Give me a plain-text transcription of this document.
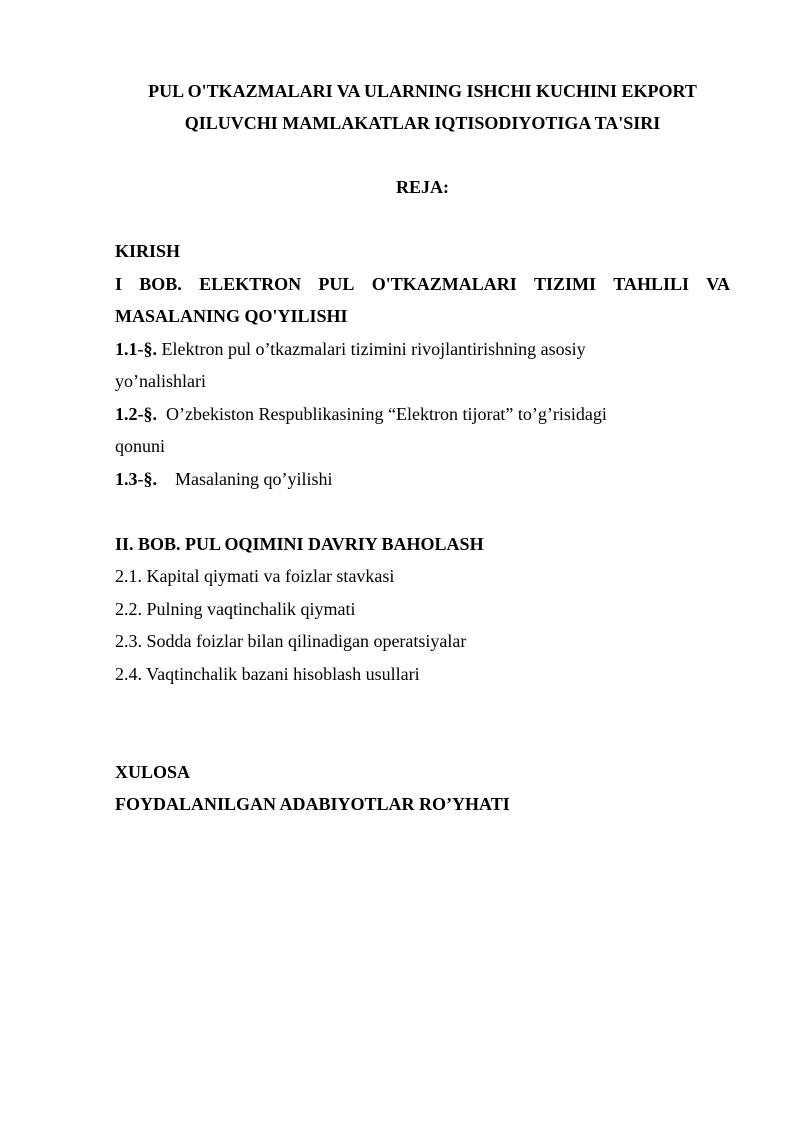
PUL O'TKAZMALARI VA ULARNING ISHCHI KUCHINI EKPORT
QILUVCHI MAMLAKATLAR IQTISODIYOTIGA TA'SIRI
REJA:
KIRISH
I BOB. ELEKTRON PUL O'TKAZMALARI TIZIMI TAHLILI VA
MASALANING QO'YILISHI
1.1-§. Elektron pul o’tkazmalari tizimini rivojlantirishning asosiy
yo’nalishlari
1.2-§. O’zbekiston Respublikasining “Elektron tijorat” to’g’risidagi
qonuni
1.3-§. Masalaning qo’yilishi
II. BOB. PUL OQIMINI DAVRIY BAHOLASH
2.1. Kapital qiymati va foizlar stavkasi
2.2. Pulning vaqtinchalik qiymati
2.3. Sodda foizlar bilan qilinadigan operatsiyalar
2.4. Vaqtinchalik bazani hisoblash usullari
XULOSA
FOYDALANILGAN ADABIYOTLAR RO’YHATI
